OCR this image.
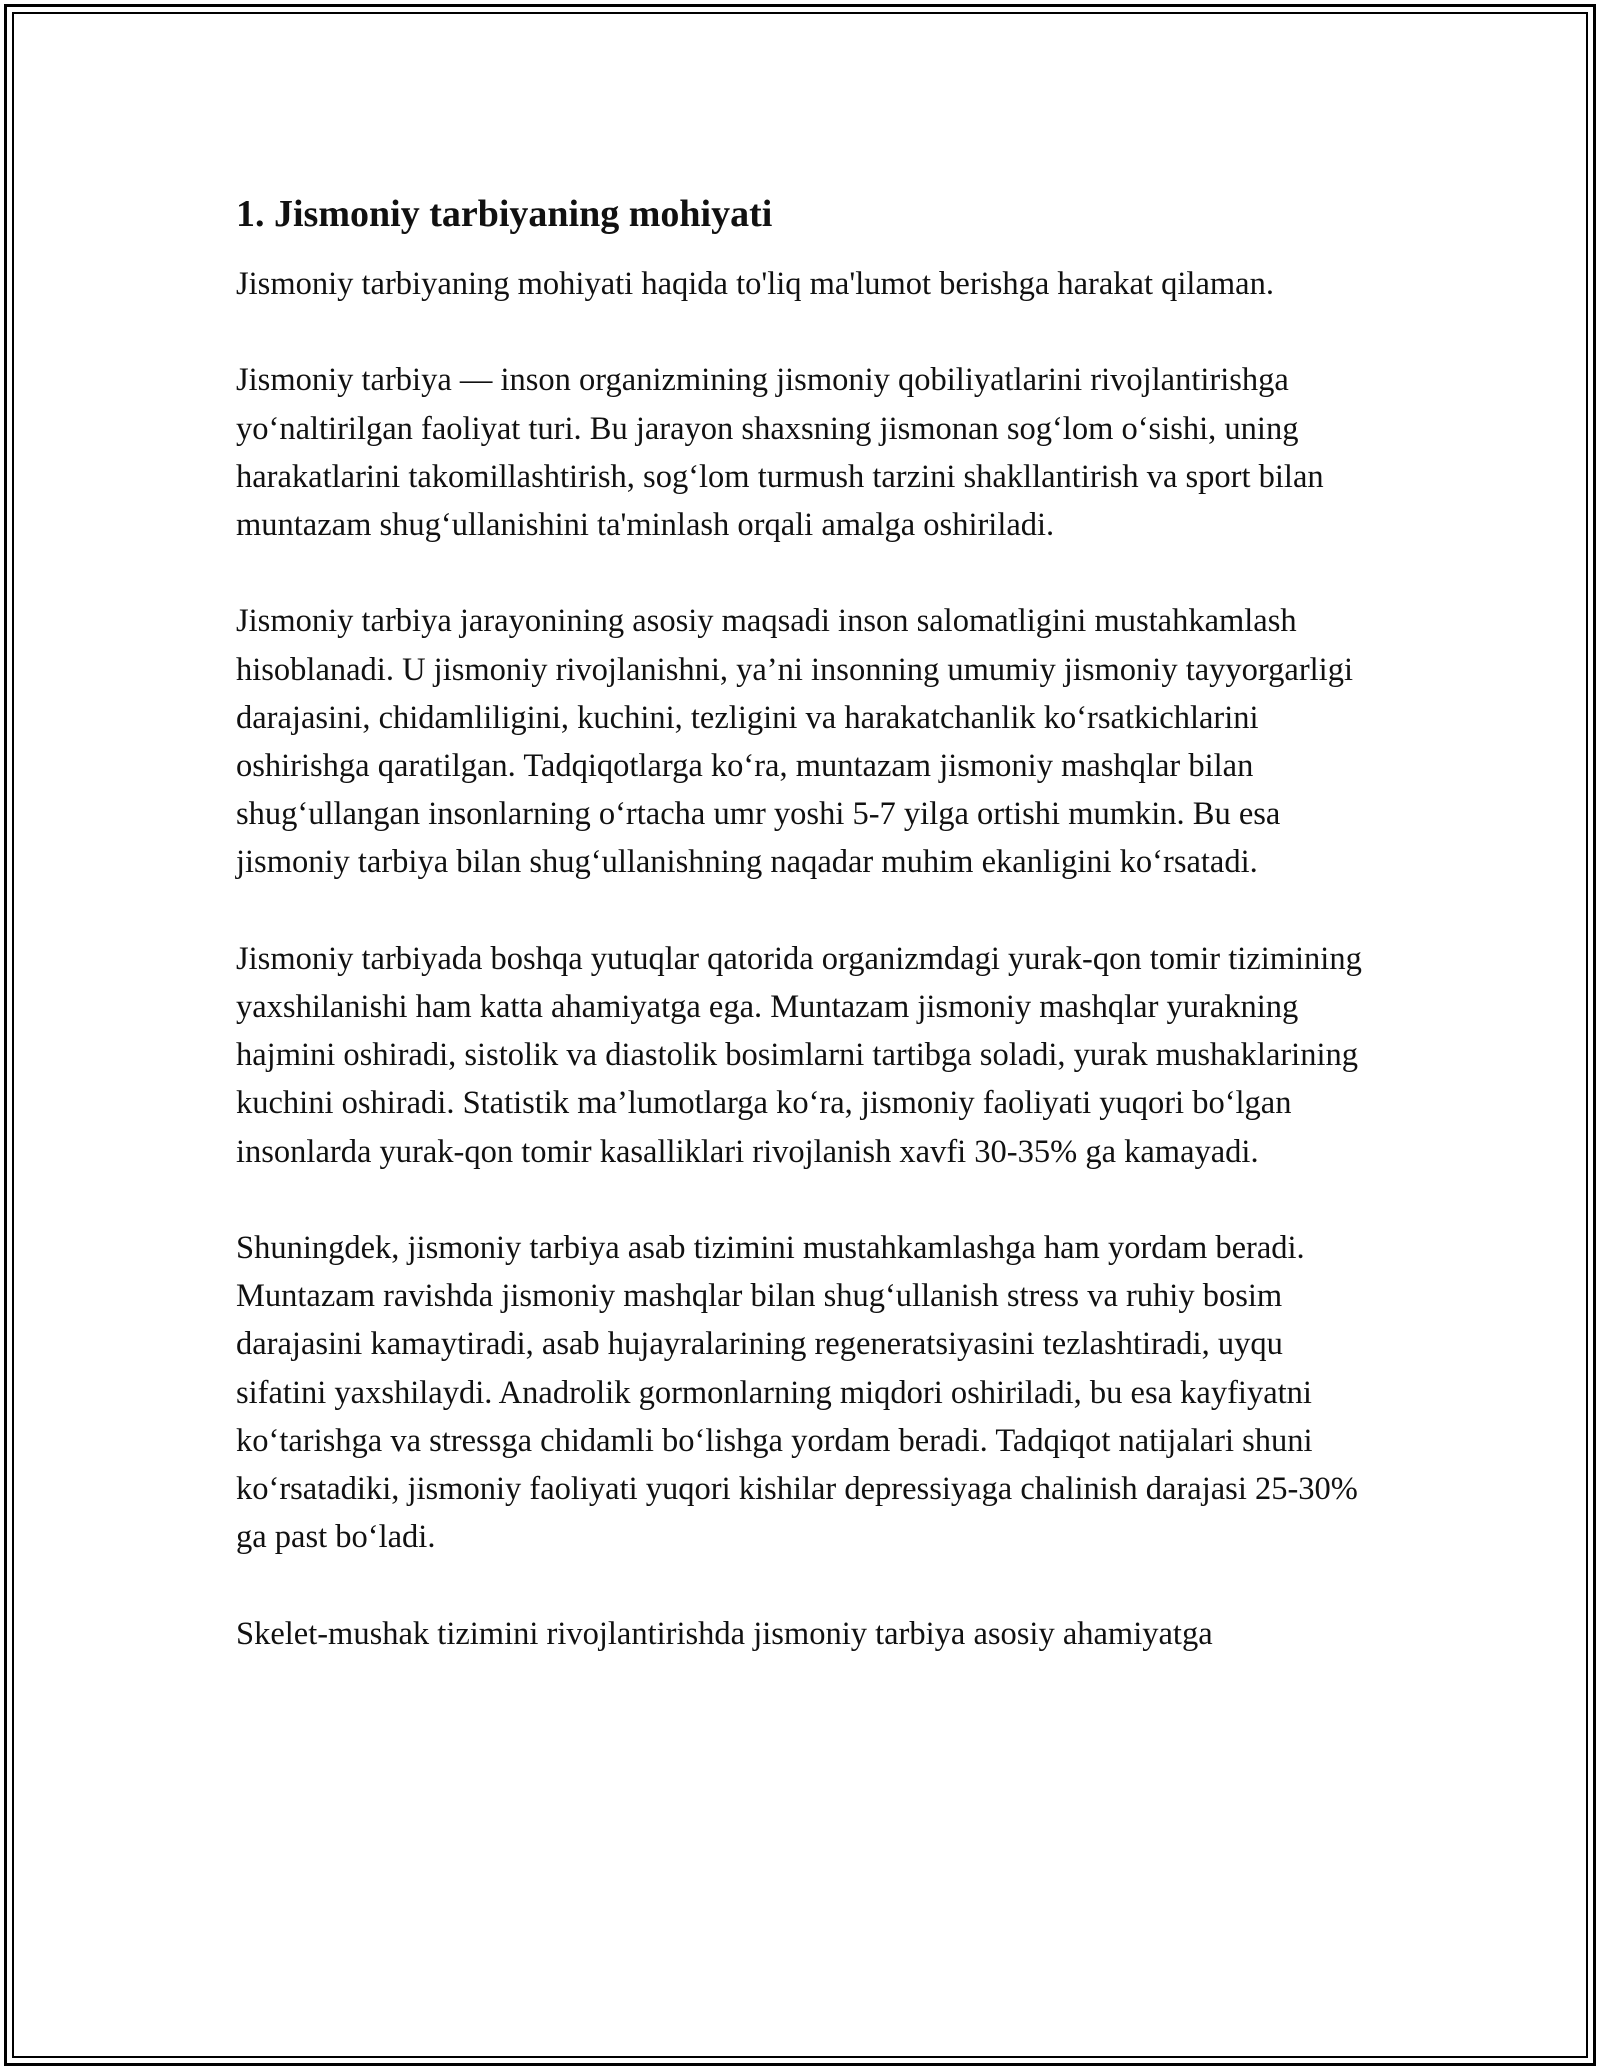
1. Jismoniy tarbiyaning mohiyati

Jismoniy tarbiyaning mohiyati haqida to'liq ma'lumot berishga harakat qilaman.

Jismoniy tarbiya — inson organizmining jismoniy qobiliyatlarini rivojlantirishga yo‘naltirilgan faoliyat turi. Bu jarayon shaxsning jismonan sog‘lom o‘sishi, uning harakatlarini takomillashtirish, sog‘lom turmush tarzini shakllantirish va sport bilan muntazam shug‘ullanishini ta'minlash orqali amalga oshiriladi.

Jismoniy tarbiya jarayonining asosiy maqsadi inson salomatligini mustahkamlash hisoblanadi. U jismoniy rivojlanishni, ya’ni insonning umumiy jismoniy tayyorgarligi darajasini, chidamliligini, kuchini, tezligini va harakatchanlik ko‘rsatkichlarini oshirishga qaratilgan. Tadqiqotlarga ko‘ra, muntazam jismoniy mashqlar bilan shug‘ullangan insonlarning o‘rtacha umr yoshi 5-7 yilga ortishi mumkin. Bu esa jismoniy tarbiya bilan shug‘ullanishning naqadar muhim ekanligini ko‘rsatadi.

Jismoniy tarbiyada boshqa yutuqlar qatorida organizmdagi yurak-qon tomir tizimining yaxshilanishi ham katta ahamiyatga ega. Muntazam jismoniy mashqlar yurakning hajmini oshiradi, sistolik va diastolik bosimlarni tartibga soladi, yurak mushaklarining kuchini oshiradi. Statistik ma’lumotlarga ko‘ra, jismoniy faoliyati yuqori bo‘lgan insonlarda yurak-qon tomir kasalliklari rivojlanish xavfi 30-35% ga kamayadi.

Shuningdek, jismoniy tarbiya asab tizimini mustahkamlashga ham yordam beradi. Muntazam ravishda jismoniy mashqlar bilan shug‘ullanish stress va ruhiy bosim darajasini kamaytiradi, asab hujayralarining regeneratsiyasini tezlashtiradi, uyqu sifatini yaxshilaydi. Anadrolik gormonlarning miqdori oshiriladi, bu esa kayfiyatni ko‘tarishga va stressga chidamli bo‘lishga yordam beradi. Tadqiqot natijalari shuni ko‘rsatadiki, jismoniy faoliyati yuqori kishilar depressiyaga chalinish darajasi 25-30% ga past bo‘ladi.

Skelet-mushak tizimini rivojlantirishda jismoniy tarbiya asosiy ahamiyatga
